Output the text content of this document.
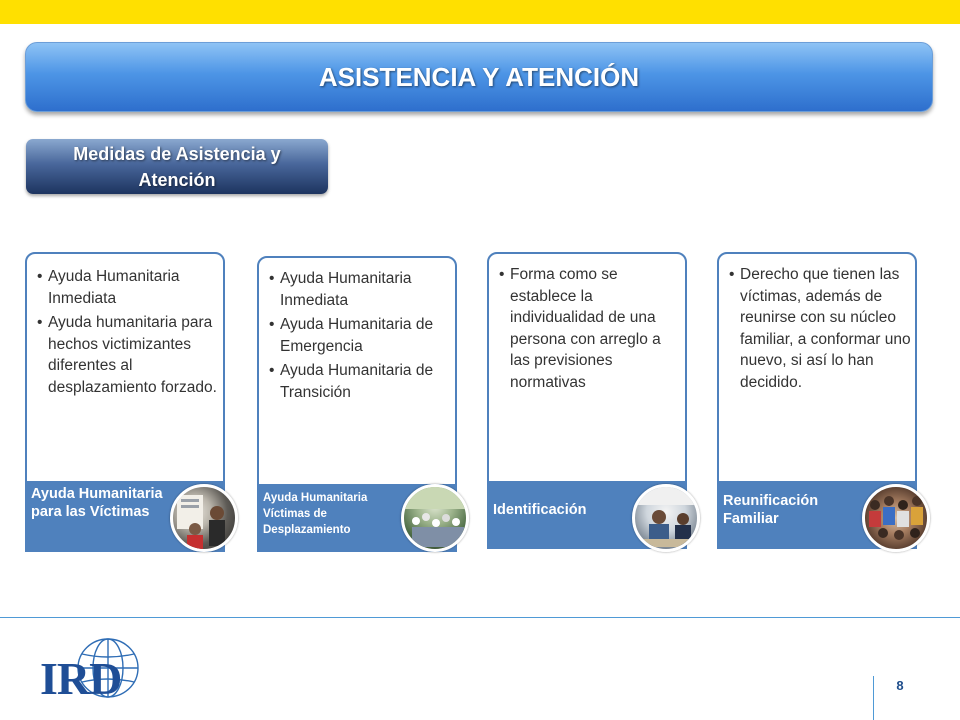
ASISTENCIA Y ATENCIÓN
Medidas de Asistencia y Atención
• Ayuda Humanitaria Inmediata
• Ayuda humanitaria para hechos victimizantes diferentes al desplazamiento forzado.
Ayuda Humanitaria para las Víctimas
• Ayuda Humanitaria Inmediata
• Ayuda Humanitaria de Emergencia
• Ayuda Humanitaria de Transición
Ayuda Humanitaria Víctimas de Desplazamiento
• Forma como se establece la individualidad de una persona con arreglo a las previsiones normativas
Identificación
• Derecho que tienen las víctimas, además de reunirse con su núcleo familiar, a conformar uno nuevo, si así lo han decidido.
Reunificación Familiar
8
IRD
